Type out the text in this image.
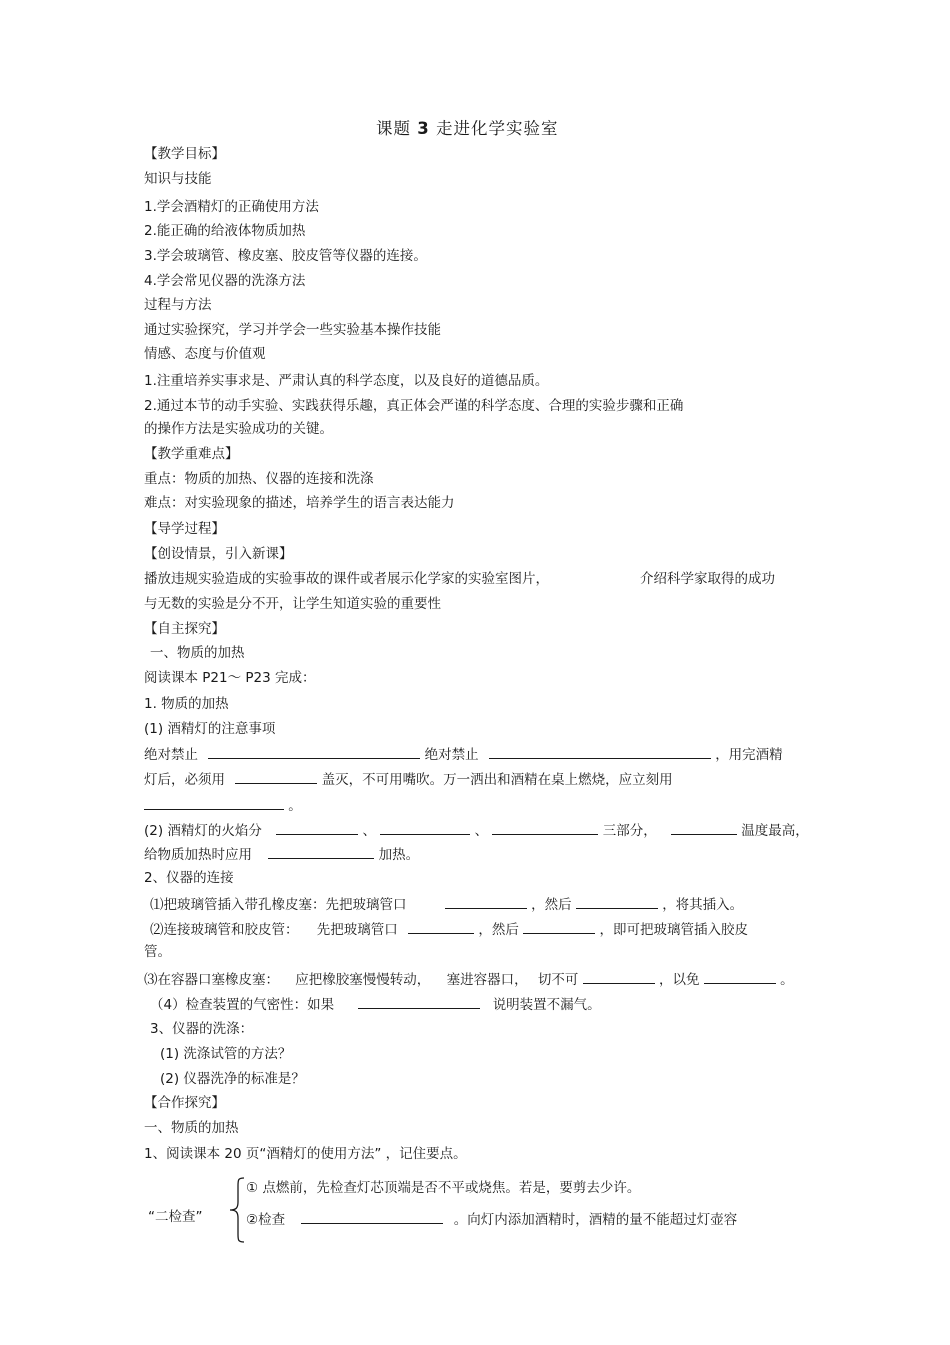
课题 3 走进化学实验室
【教学目标】
知识与技能
1.学会酒精灯的正确使用方法
2.能正确的给液体物质加热
3.学会玻璃管、橡皮塞、胶皮管等仪器的连接。
4.学会常见仪器的洗涤方法
过程与方法
通过实验探究，学习并学会一些实验基本操作技能
情感、态度与价值观
1.注重培养实事求是、严肃认真的科学态度，以及良好的道德品质。
2.通过本节的动手实验、实践获得乐趣，真正体会严谨的科学态度、合理的实验步骤和正确
的操作方法是实验成功的关键。
【教学重难点】
重点：物质的加热、仪器的连接和洗涤
难点：对实验现象的描述，培养学生的语言表达能力
【导学过程】
【创设情景，引入新课】
播放违规实验造成的实验事故的课件或者展示化学家的实验室图片，	介绍科学家取得的成功
与无数的实验是分不开，让学生知道实验的重要性
【自主探究】
一、物质的加热
阅读课本 P21～ P23 完成：
1. 物质的加热
(1) 酒精灯的注意事项
绝对禁止	绝对禁止	，用完酒精
灯后，必须用	盖灭，不可用嘴吹。万一洒出和酒精在桌上燃烧，应立刻用
。
(2) 酒精灯的火焰分	、	、	三部分，	温度最高，
给物质加热时应用	加热。
2、仪器的连接
⑴把玻璃管插入带孔橡皮塞：先把玻璃管口	，然后	，将其插入。
⑵连接玻璃管和胶皮管： 先把玻璃管口	，然后	，即可把玻璃管插入胶皮
管。
⑶在容器口塞橡皮塞： 应把橡胶塞慢慢转动， 塞进容器口， 切不可	，以免	。
（4）检查装置的气密性：如果	说明装置不漏气。
3、仪器的洗涤：
(1) 洗涤试管的方法？
(2) 仪器洗净的标准是？
【合作探究】
一、物质的加热
1、阅读课本 20 页“酒精灯的使用方法” ，记住要点。
① 点燃前，先检查灯芯顶端是否不平或烧焦。若是，要剪去少许。
“二检查”	②检查	。向灯内添加酒精时，酒精的量不能超过灯壶容
